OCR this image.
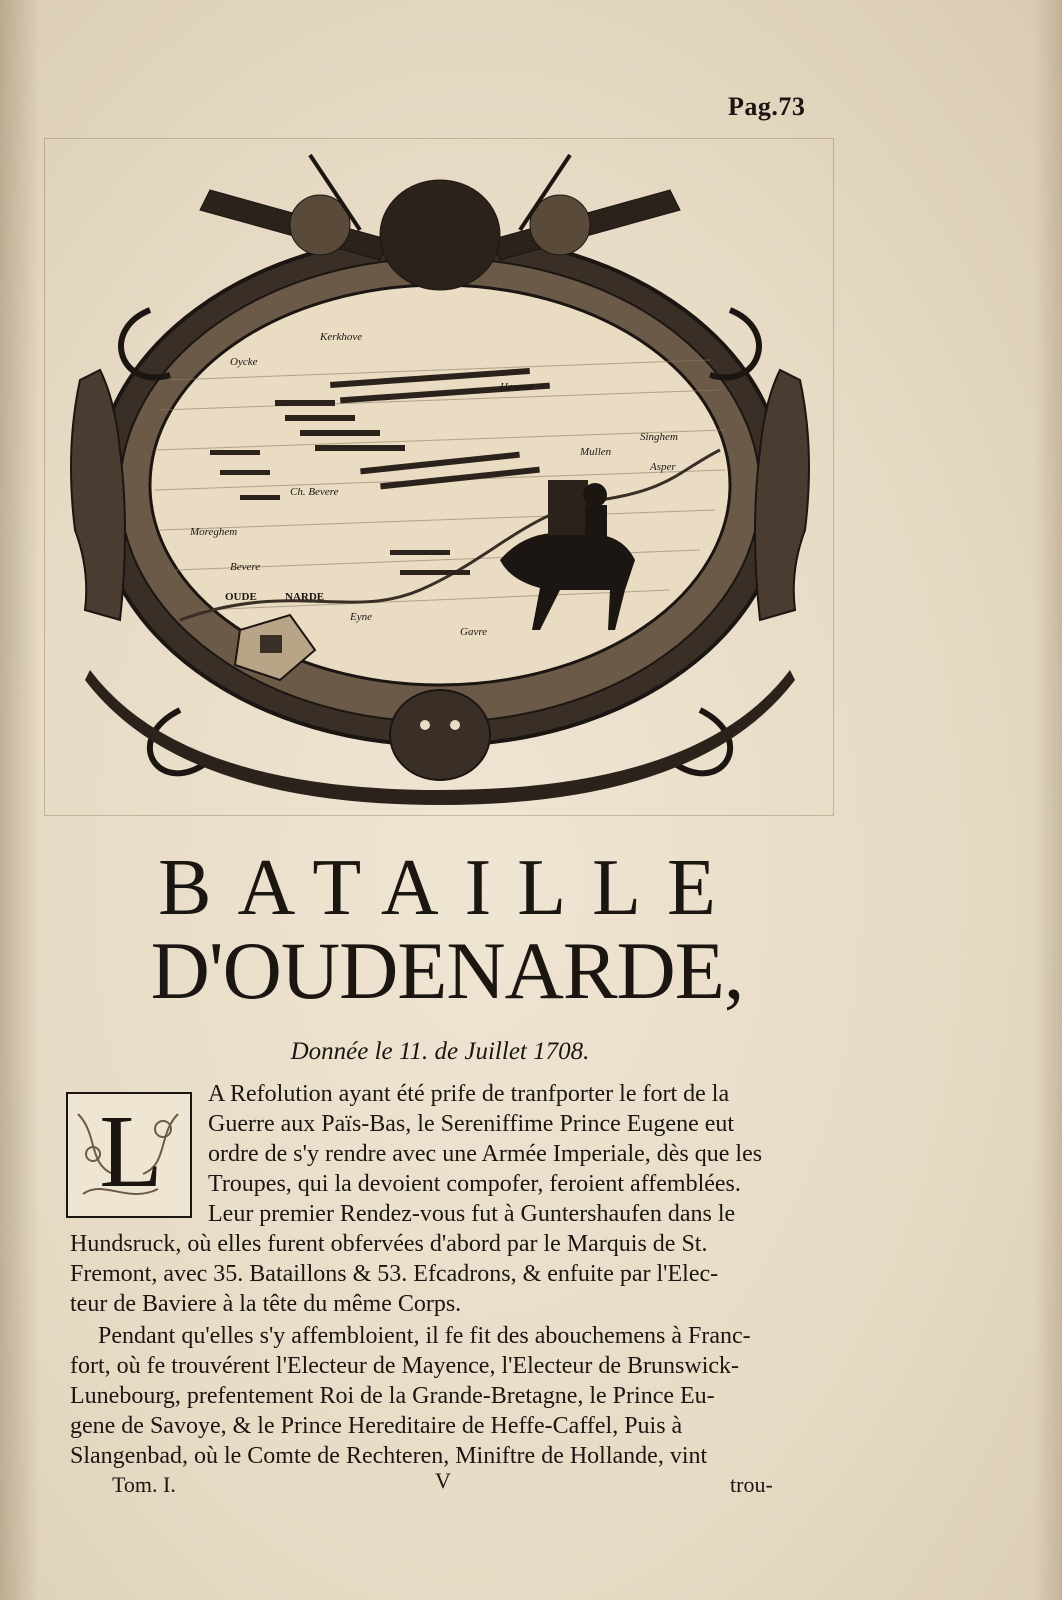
Pag.73
Oycke
Kerkhove
Heurne
Mullen
Singhem
Asper
Ch. Bevere
Moreghem
Bevere
OUDE	NARDE
Eyne
Gavre
BATAILLE
D'OUDENARDE,
Donnée le 11. de Juillet 1708.
L	A Refolution ayant été prife de tranfporter le fort de la
Guerre aux Païs-Bas, le Sereniffime Prince Eugene eut
ordre de s'y rendre avec une Armée Imperiale, dès que les
Troupes, qui la devoient compofer, feroient affemblées.
Leur premier Rendez-vous fut à Guntershaufen dans le
Hundsruck, où elles furent obfervées d'abord par le Marquis de St.
Fremont, avec 35. Bataillons & 53. Efcadrons, & enfuite par l'Elec-
teur de Baviere à la tête du même Corps.
Pendant qu'elles s'y affembloient, il fe fit des abouchemens à Franc-
fort, où fe trouvérent l'Electeur de Mayence, l'Electeur de Brunswick-
Lunebourg, prefentement Roi de la Grande-Bretagne, le Prince Eu-
gene de Savoye, & le Prince Hereditaire de Heffe-Caffel, Puis à
Slangenbad, où le Comte de Rechteren, Miniftre de Hollande, vint
Tom. I.	V	trou-
